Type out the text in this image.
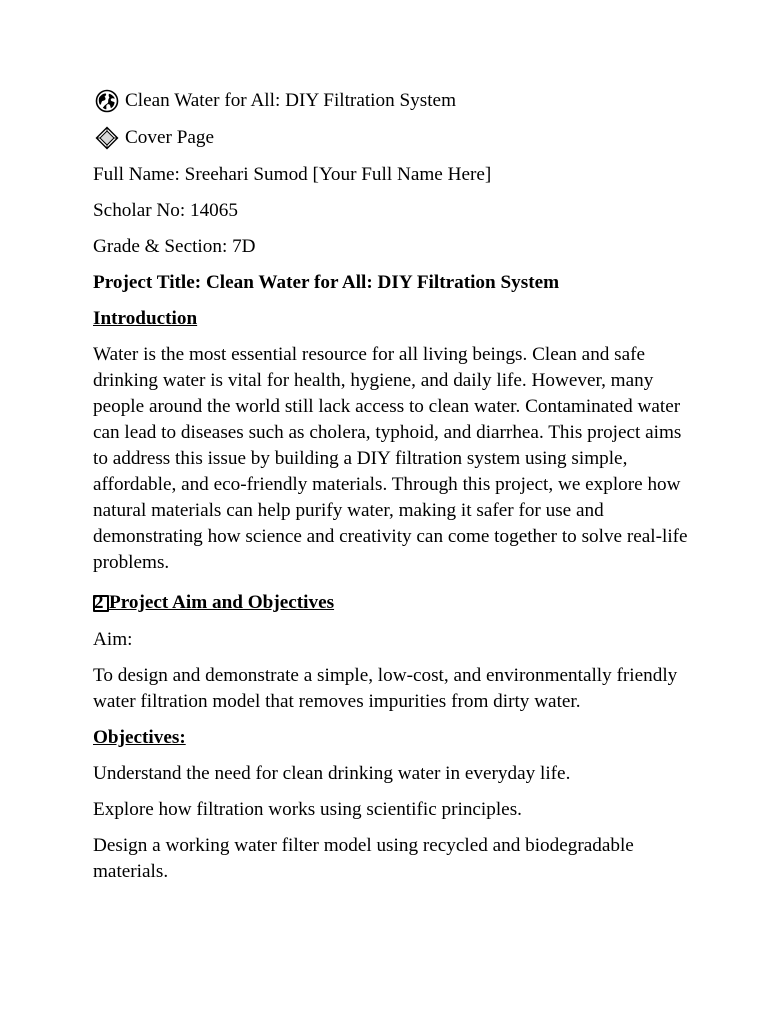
Clean Water for All: DIY Filtration System
Cover Page

Full Name: Sreehari Sumod [Your Full Name Here]

Scholar No: 14065

Grade & Section: 7D

Project Title: Clean Water for All: DIY Filtration System

Introduction

Water is the most essential resource for all living beings. Clean and safe drinking water is vital for health, hygiene, and daily life. However, many people around the world still lack access to clean water. Contaminated water can lead to diseases such as cholera, typhoid, and diarrhea. This project aims to address this issue by building a DIY filtration system using simple, affordable, and eco-friendly materials. Through this project, we explore how natural materials can help purify water, making it safer for use and demonstrating how science and creativity can come together to solve real-life problems.

2 Project Aim and Objectives

Aim:

To design and demonstrate a simple, low-cost, and environmentally friendly water filtration model that removes impurities from dirty water.

Objectives:

Understand the need for clean drinking water in everyday life.

Explore how filtration works using scientific principles.

Design a working water filter model using recycled and biodegradable materials.
